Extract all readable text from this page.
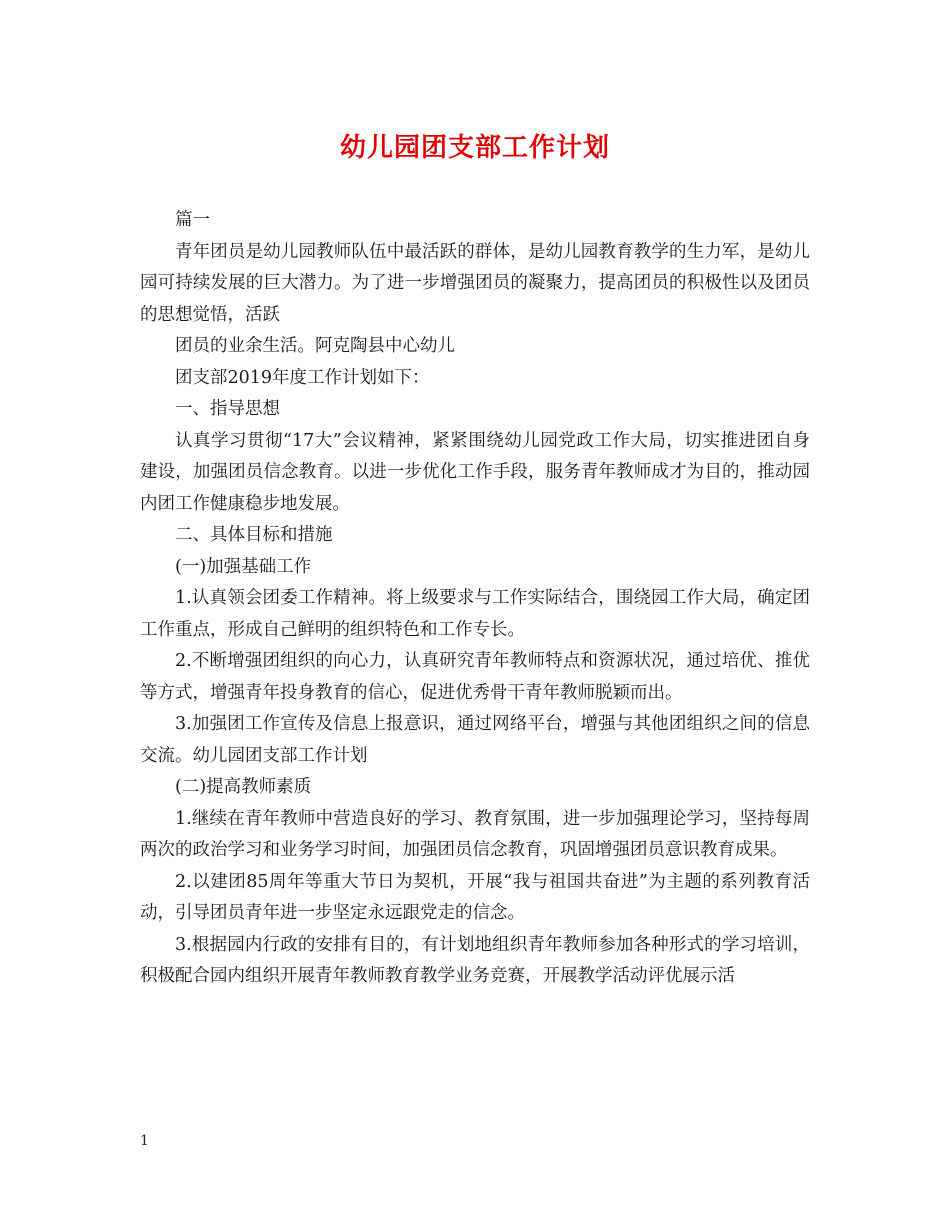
幼儿园团支部工作计划

篇一

青年团员是幼儿园教师队伍中最活跃的群体，是幼儿园教育教学的生力军，是幼儿园可持续发展的巨大潜力。为了进一步增强团员的凝聚力，提高团员的积极性以及团员的思想觉悟，活跃

团员的业余生活。阿克陶县中心幼儿

团支部2019年度工作计划如下：

一、指导思想

认真学习贯彻“17大”会议精神，紧紧围绕幼儿园党政工作大局，切实推进团自身建设，加强团员信念教育。以进一步优化工作手段，服务青年教师成才为目的，推动园内团工作健康稳步地发展。

二、具体目标和措施

(一)加强基础工作

1.认真领会团委工作精神。将上级要求与工作实际结合，围绕园工作大局，确定团工作重点，形成自己鲜明的组织特色和工作专长。

2.不断增强团组织的向心力，认真研究青年教师特点和资源状况，通过培优、推优等方式，增强青年投身教育的信心，促进优秀骨干青年教师脱颖而出。

3.加强团工作宣传及信息上报意识，通过网络平台，增强与其他团组织之间的信息交流。幼儿园团支部工作计划

(二)提高教师素质

1.继续在青年教师中营造良好的学习、教育氛围，进一步加强理论学习，坚持每周两次的政治学习和业务学习时间，加强团员信念教育，巩固增强团员意识教育成果。

2.以建团85周年等重大节日为契机，开展“我与祖国共奋进”为主题的系列教育活动，引导团员青年进一步坚定永远跟党走的信念。

3.根据园内行政的安排有目的，有计划地组织青年教师参加各种形式的学习培训，积极配合园内组织开展青年教师教育教学业务竞赛，开展教学活动评优展示活

1
